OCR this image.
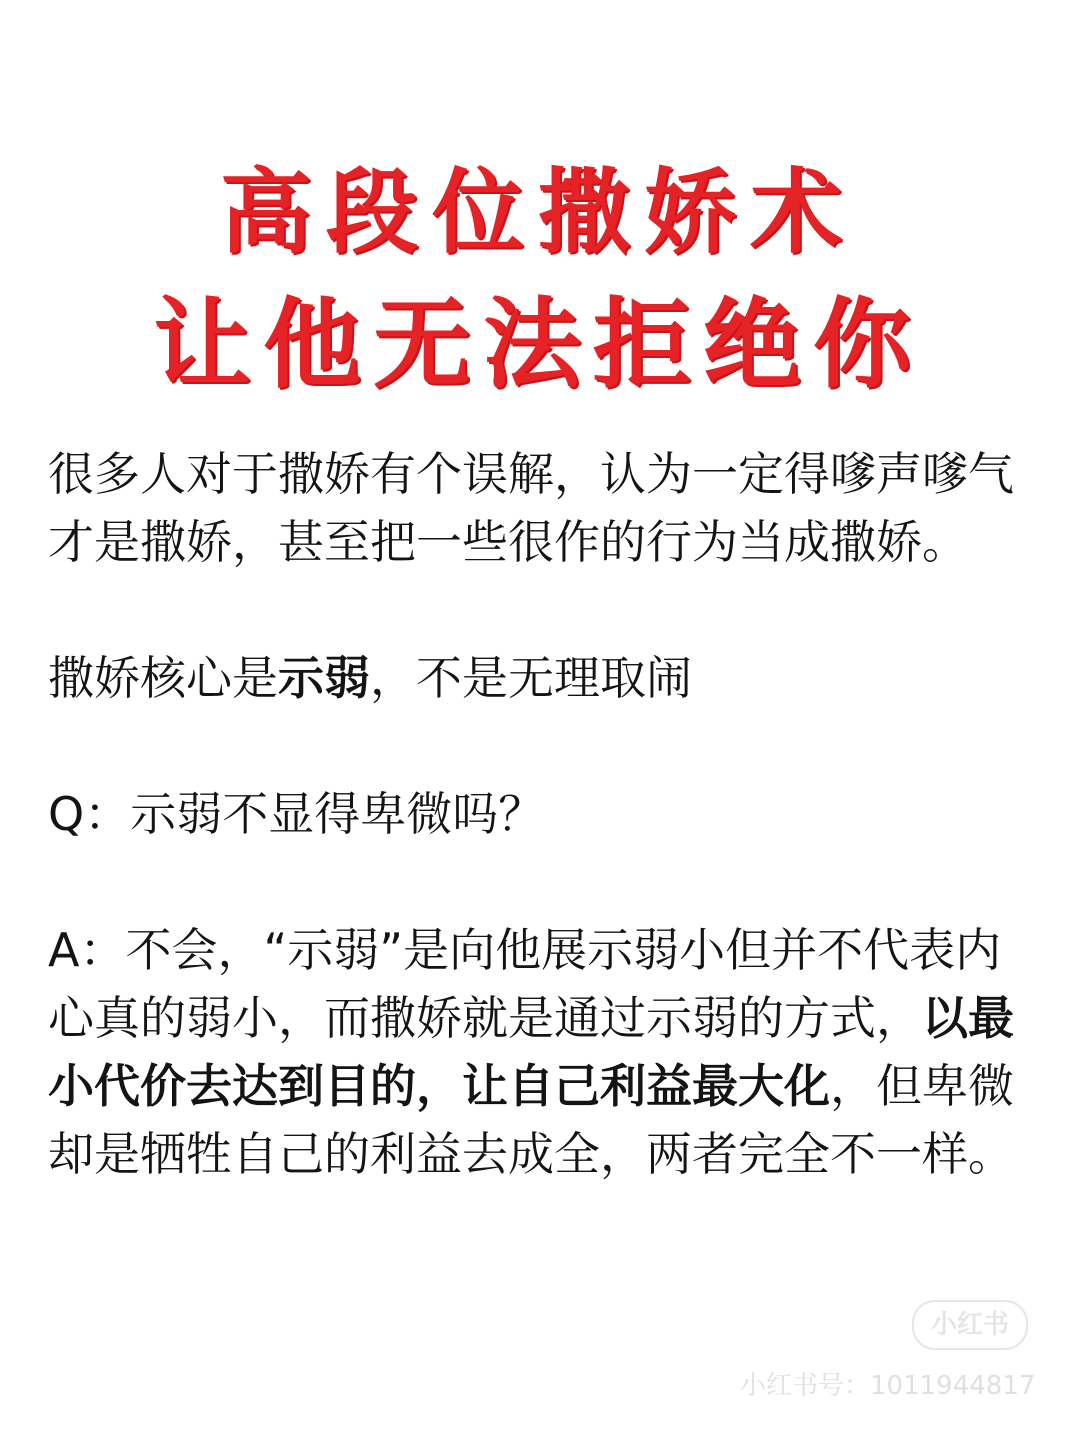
高段位撒娇术
让他无法拒绝你

很多人对于撒娇有个误解，认为一定得嗲声嗲气才是撒娇，甚至把一些很作的行为当成撒娇。

撒娇核心是示弱，不是无理取闹

Q：示弱不显得卑微吗？

A：不会，“示弱”是向他展示弱小但并不代表内心真的弱小，而撒娇就是通过示弱的方式，以最小代价去达到目的，让自己利益最大化，但卑微却是牺牲自己的利益去成全，两者完全不一样。

小红书
小红书号：1011944817
